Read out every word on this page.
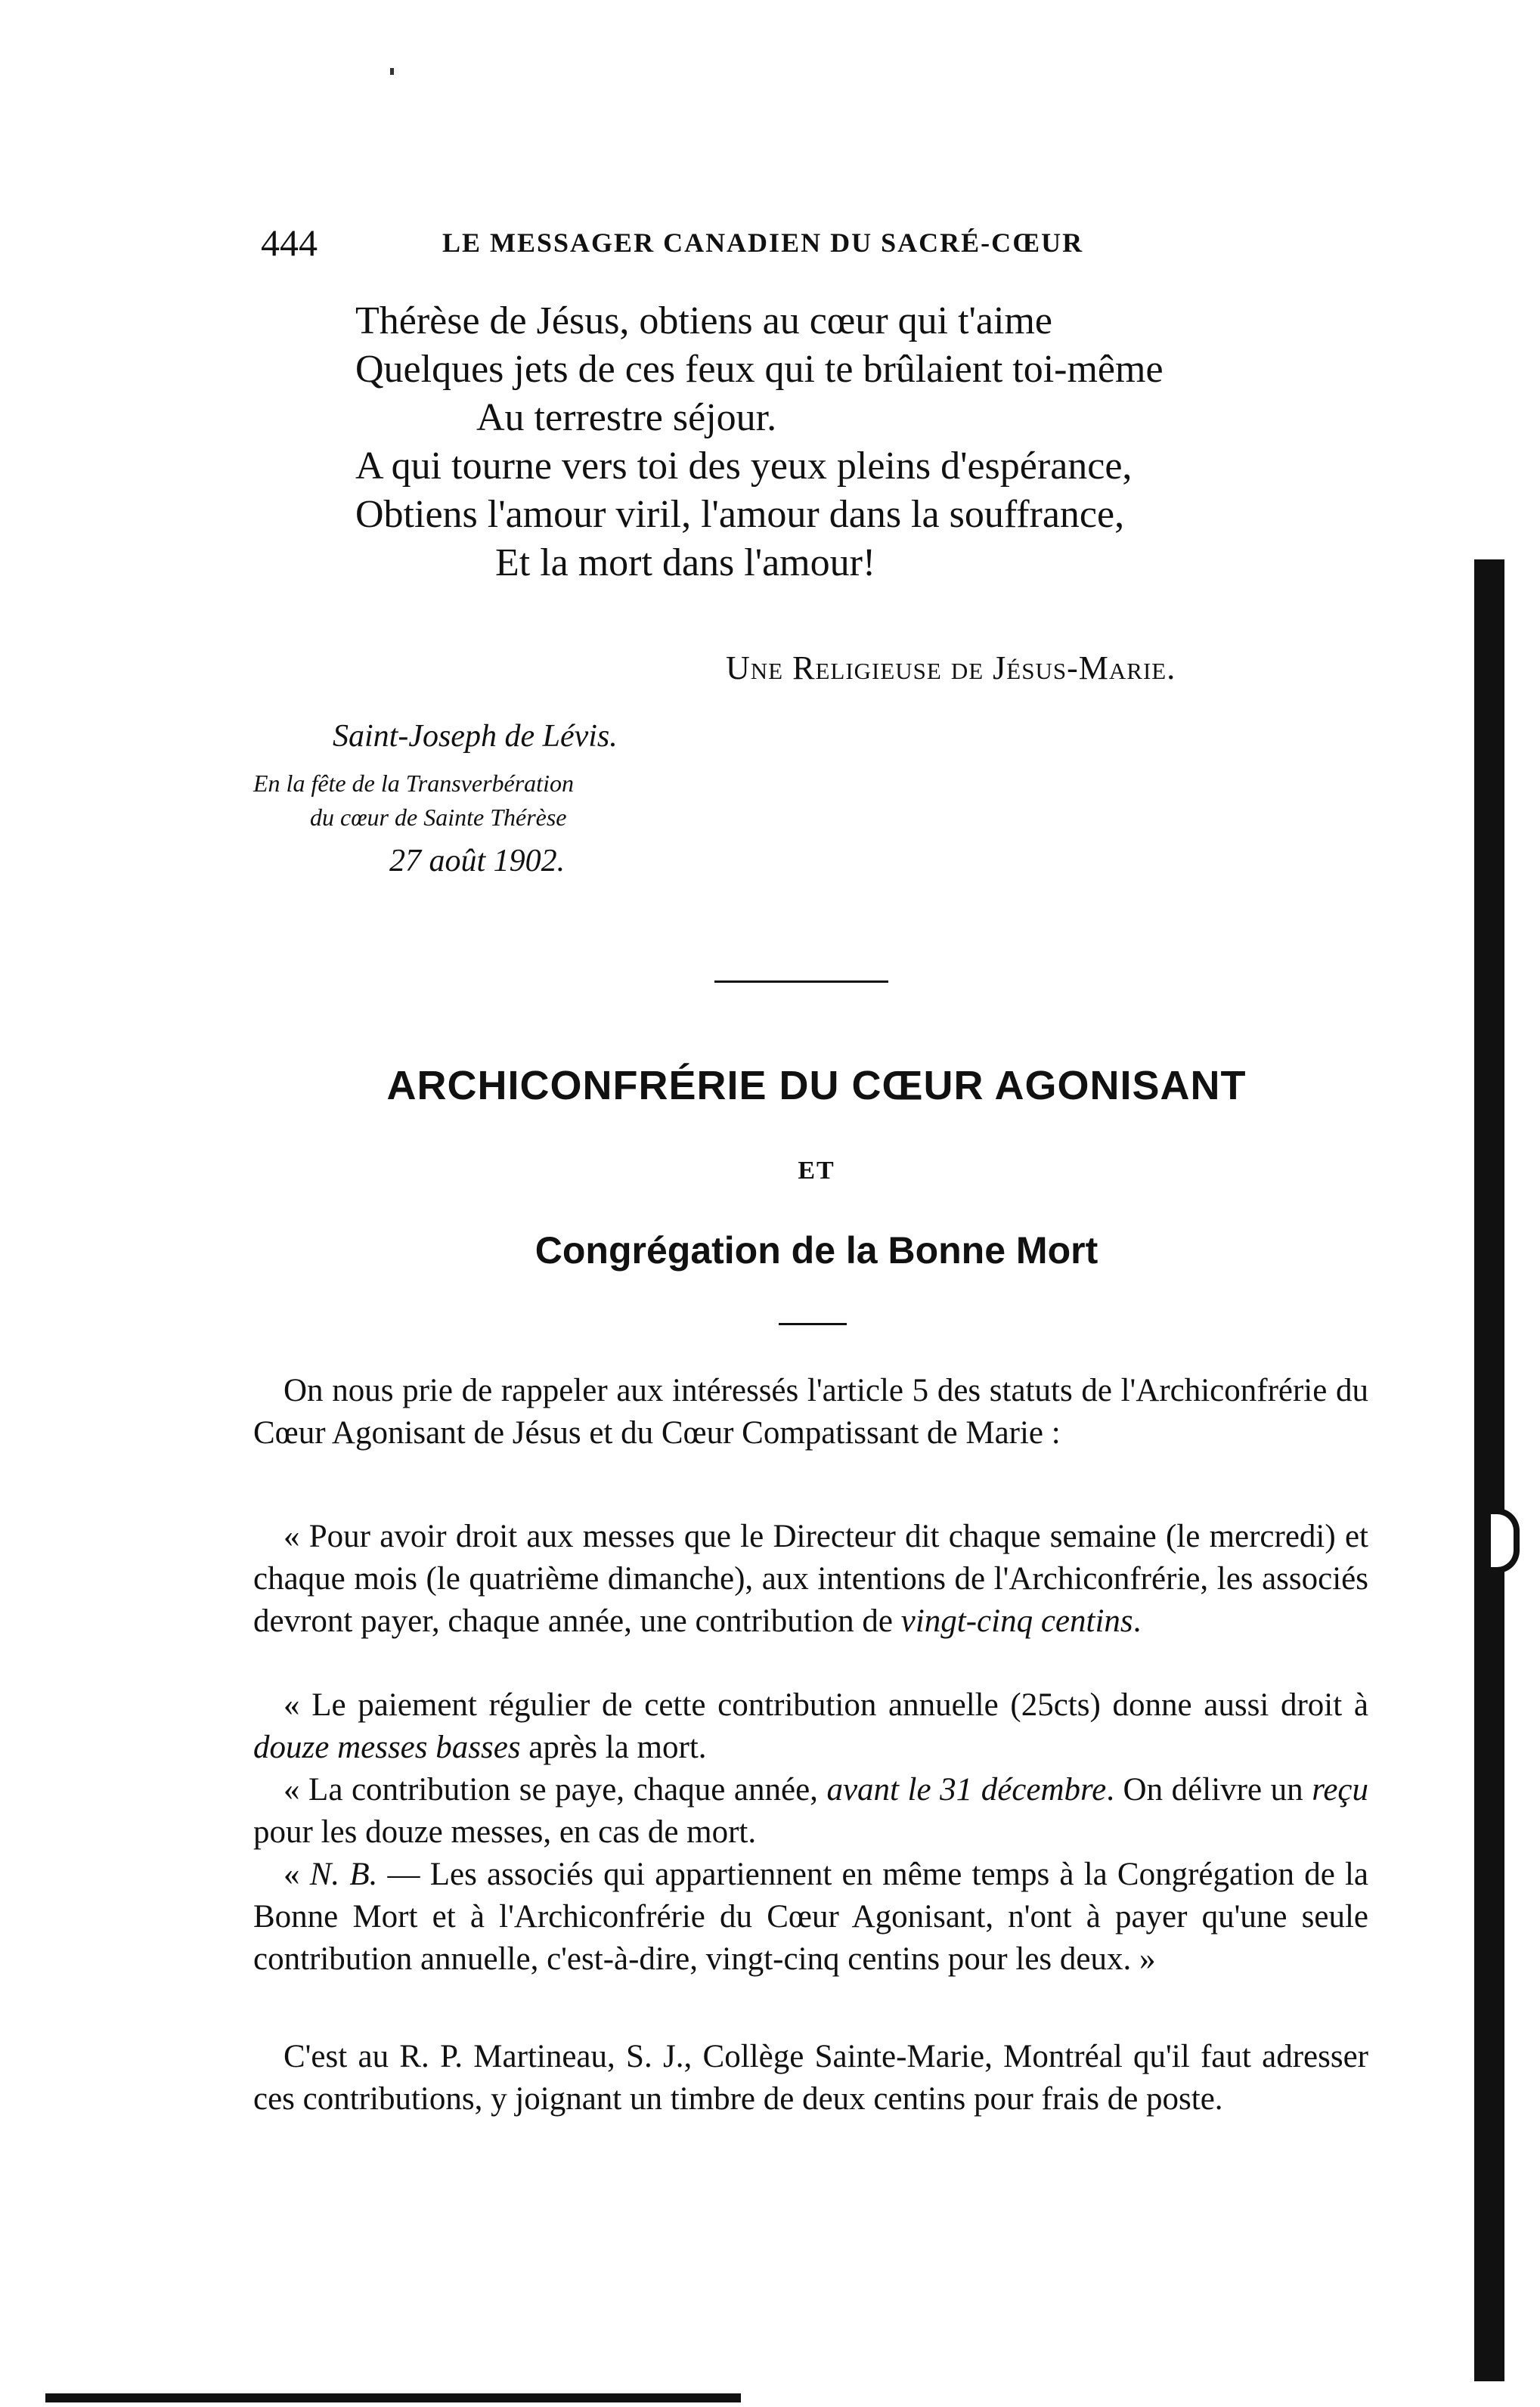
444	LE MESSAGER CANADIEN DU SACRÉ-CŒUR
Thérèse de Jésus, obtiens au cœur qui t'aime
Quelques jets de ces feux qui te brûlaient toi-même
Au terrestre séjour.
A qui tourne vers toi des yeux pleins d'espérance,
Obtiens l'amour viril, l'amour dans la souffrance,
Et la mort dans l'amour!
Une Religieuse de Jésus-Marie.
Saint-Joseph de Lévis.
En la fête de la Transverbération
du cœur de Sainte Thérèse
27 août 1902.
ARCHICONFRÉRIE DU CŒUR AGONISANT
ET
Congrégation de la Bonne Mort
On nous prie de rappeler aux intéressés l'article 5 des statuts de l'Archiconfrérie du Cœur Agonisant de Jésus et du Cœur Compatissant de Marie :
« Pour avoir droit aux messes que le Directeur dit chaque semaine (le mercredi) et chaque mois (le quatrième dimanche), aux intentions de l'Archiconfrérie, les associés devront payer, chaque année, une contribution de vingt-cinq centins.
« Le paiement régulier de cette contribution annuelle (25cts) donne aussi droit à douze messes basses après la mort.
« La contribution se paye, chaque année, avant le 31 décembre. On délivre un reçu pour les douze messes, en cas de mort.
« N. B. — Les associés qui appartiennent en même temps à la Congrégation de la Bonne Mort et à l'Archiconfrérie du Cœur Agonisant, n'ont à payer qu'une seule contribution annuelle, c'est-à-dire, vingt-cinq centins pour les deux. »
C'est au R. P. Martineau, S. J., Collège Sainte-Marie, Montréal qu'il faut adresser ces contributions, y joignant un timbre de deux centins pour frais de poste.
